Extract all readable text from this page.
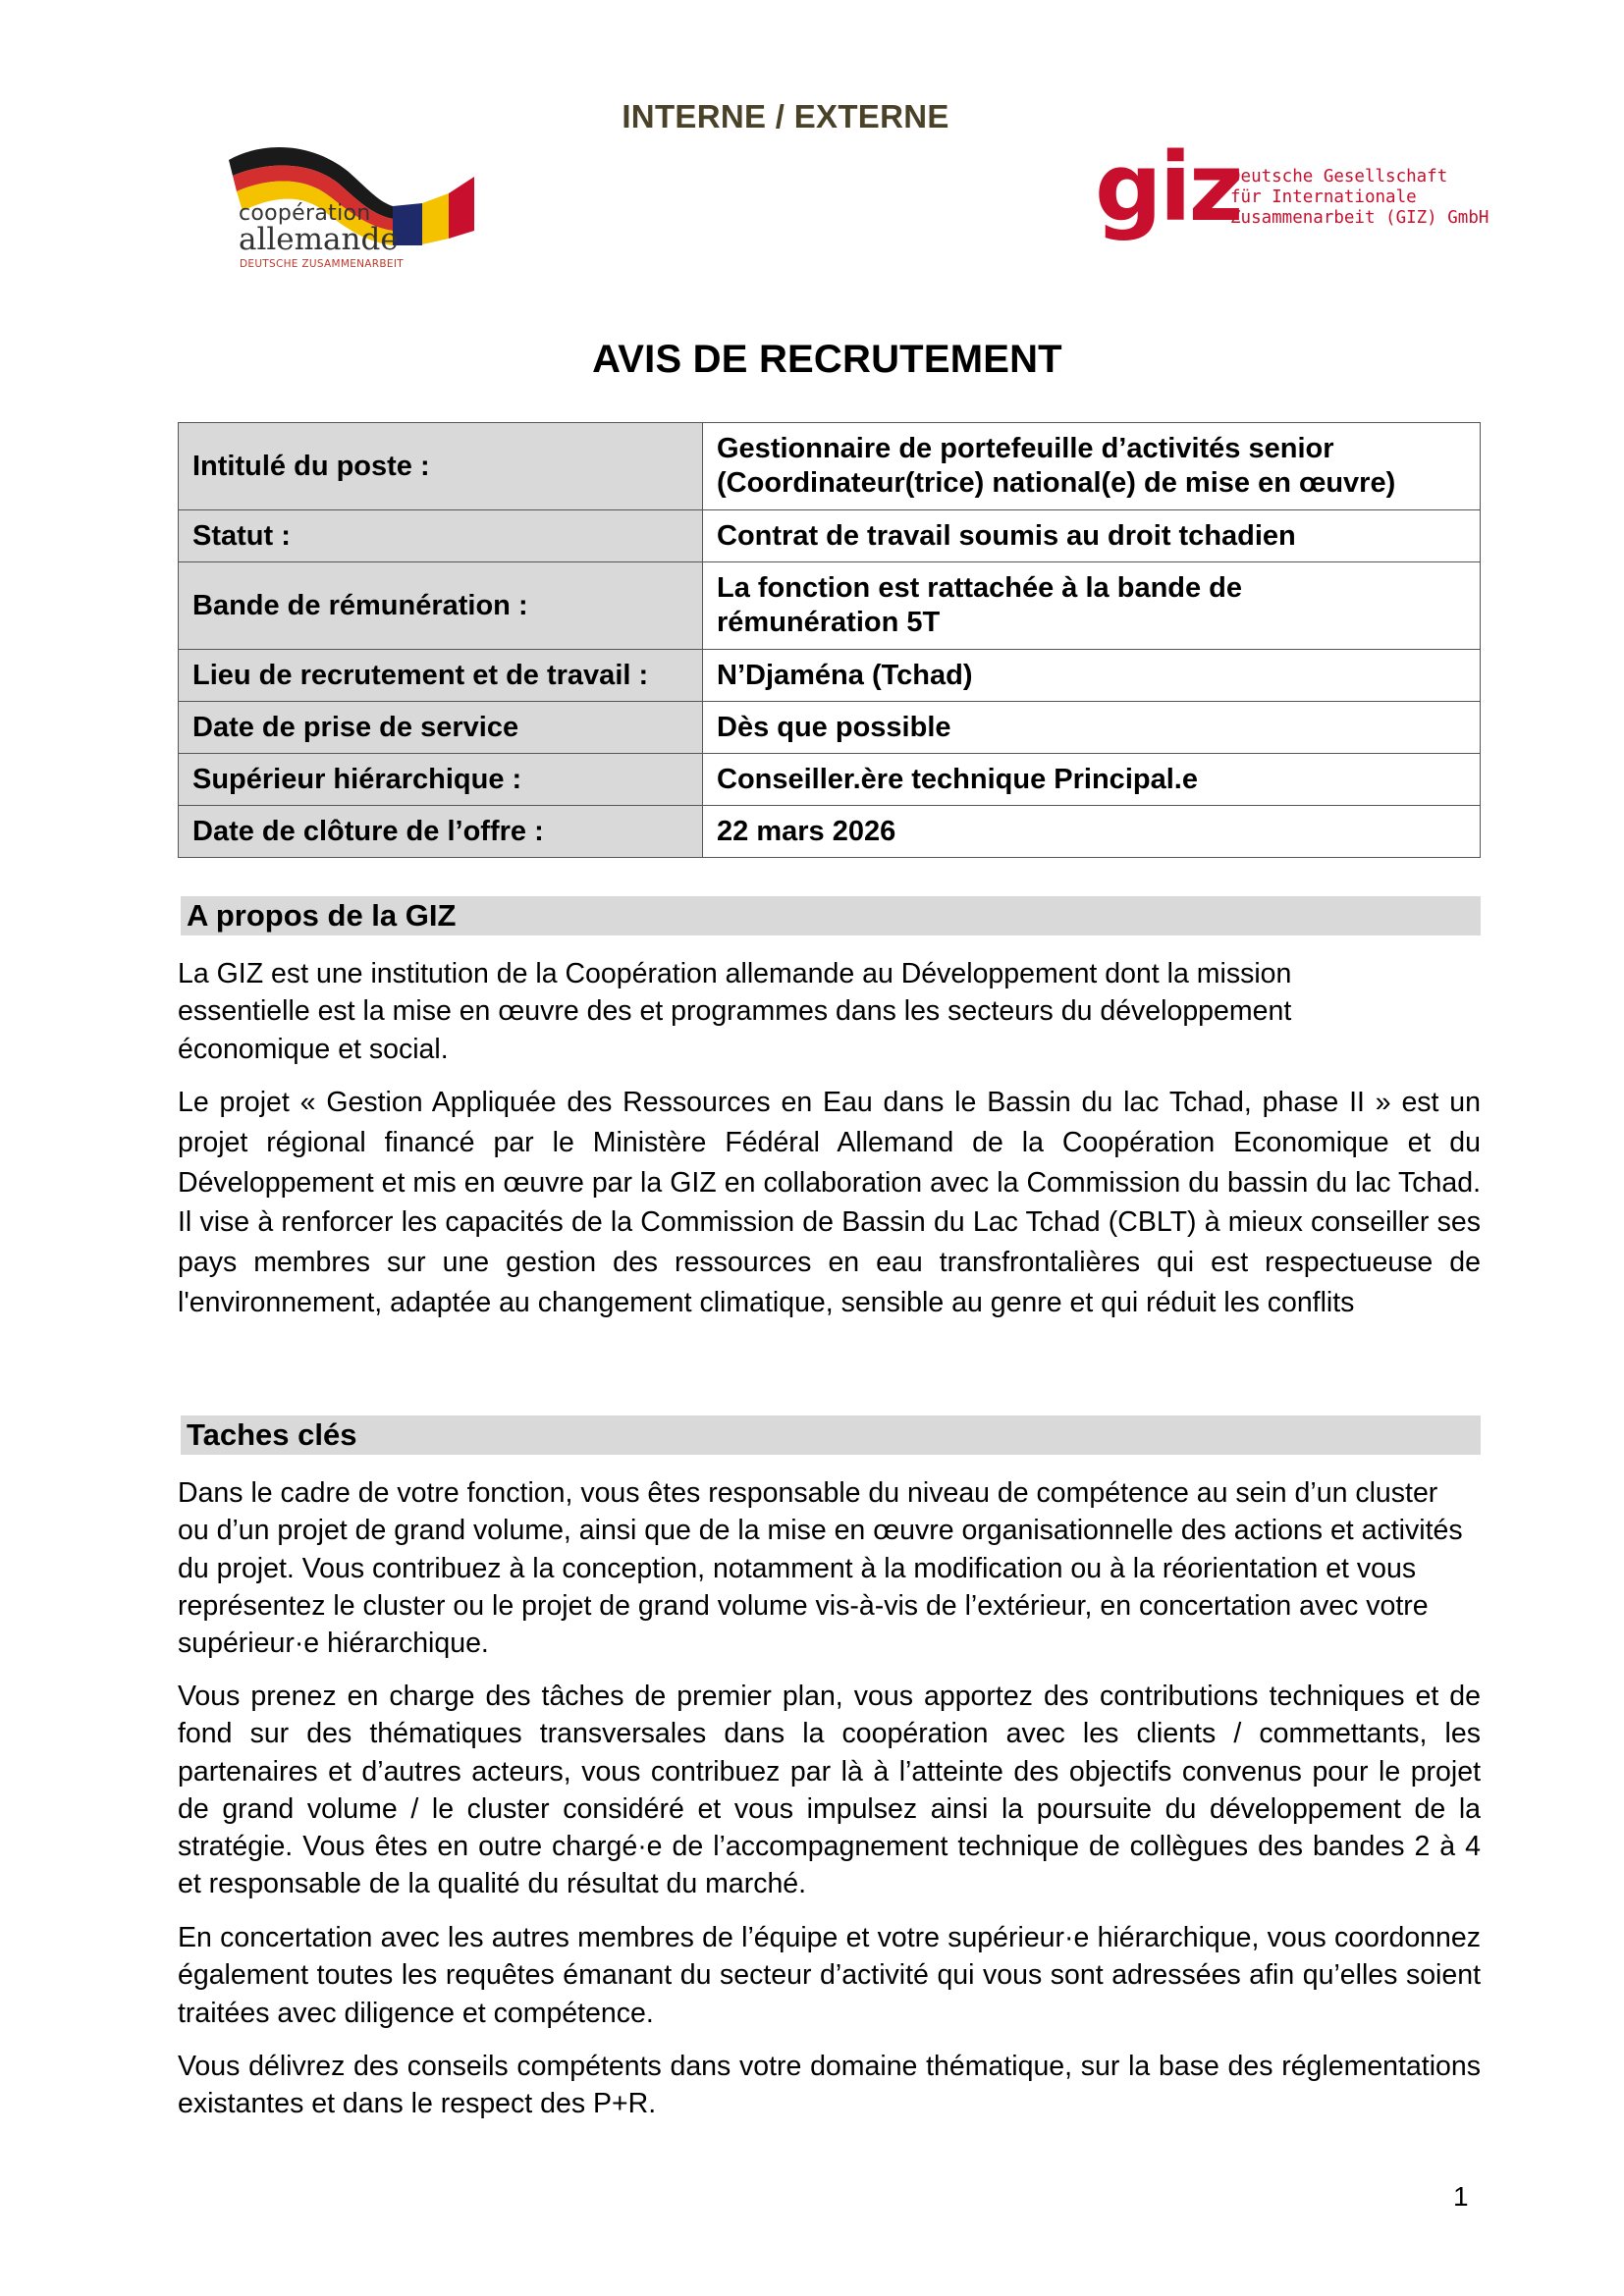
INTERNE / EXTERNE
coopération
allemande
DEUTSCHE ZUSAMMENARBEIT
giz
Deutsche Gesellschaft
für Internationale
Zusammenarbeit (GIZ) GmbH
AVIS DE RECRUTEMENT
Intitulé du poste :	Gestionnaire de portefeuille d’activités senior
(Coordinateur(trice) national(e) de mise en œuvre)

Statut :	Contrat de travail soumis au droit tchadien
Bande de rémunération :	La fonction est rattachée à la bande de
rémunération 5T

Lieu de recrutement et de travail :	N’Djaména (Tchad)
Date de prise de service	Dès que possible
Supérieur hiérarchique :	Conseiller.ère technique Principal.e
Date de clôture de l’offre :	22 mars 2026
A propos de la GIZ

La GIZ est une institution de la Coopération allemande au Développement dont la mission essentielle est la mise en œuvre des et programmes dans les secteurs du développement économique et social.

Le projet « Gestion Appliquée des Ressources en Eau dans le Bassin du lac Tchad, phase II » est un projet régional financé par le Ministère Fédéral Allemand de la Coopération Economique et du Développement et mis en œuvre par la GIZ en collaboration avec la Commission du bassin du lac Tchad. Il vise à renforcer les capacités de la Commission de Bassin du Lac Tchad (CBLT) à mieux conseiller ses pays membres sur une gestion des ressources en eau transfrontalières qui est respectueuse de l'environnement, adaptée au changement climatique, sensible au genre et qui réduit les conflits

Taches clés

Dans le cadre de votre fonction, vous êtes responsable du niveau de compétence au sein d’un cluster ou d’un projet de grand volume, ainsi que de la mise en œuvre organisationnelle des actions et activités du projet. Vous contribuez à la conception, notamment à la modification ou à la réorientation et vous représentez le cluster ou le projet de grand volume vis-à-vis de l’extérieur, en concertation avec votre supérieur·e hiérarchique.

Vous prenez en charge des tâches de premier plan, vous apportez des contributions techniques et de fond sur des thématiques transversales dans la coopération avec les clients / commettants, les partenaires et d’autres acteurs, vous contribuez par là à l’atteinte des objectifs convenus pour le projet de grand volume / le cluster considéré et vous impulsez ainsi la poursuite du développement de la stratégie. Vous êtes en outre chargé·e de l’accompagnement technique de collègues des bandes 2 à 4 et responsable de la qualité du résultat du marché.

En concertation avec les autres membres de l’équipe et votre supérieur·e hiérarchique, vous coordonnez également toutes les requêtes émanant du secteur d’activité qui vous sont adressées afin qu’elles soient traitées avec diligence et compétence.

Vous délivrez des conseils compétents dans votre domaine thématique, sur la base des réglementations existantes et dans le respect des P+R.

1
